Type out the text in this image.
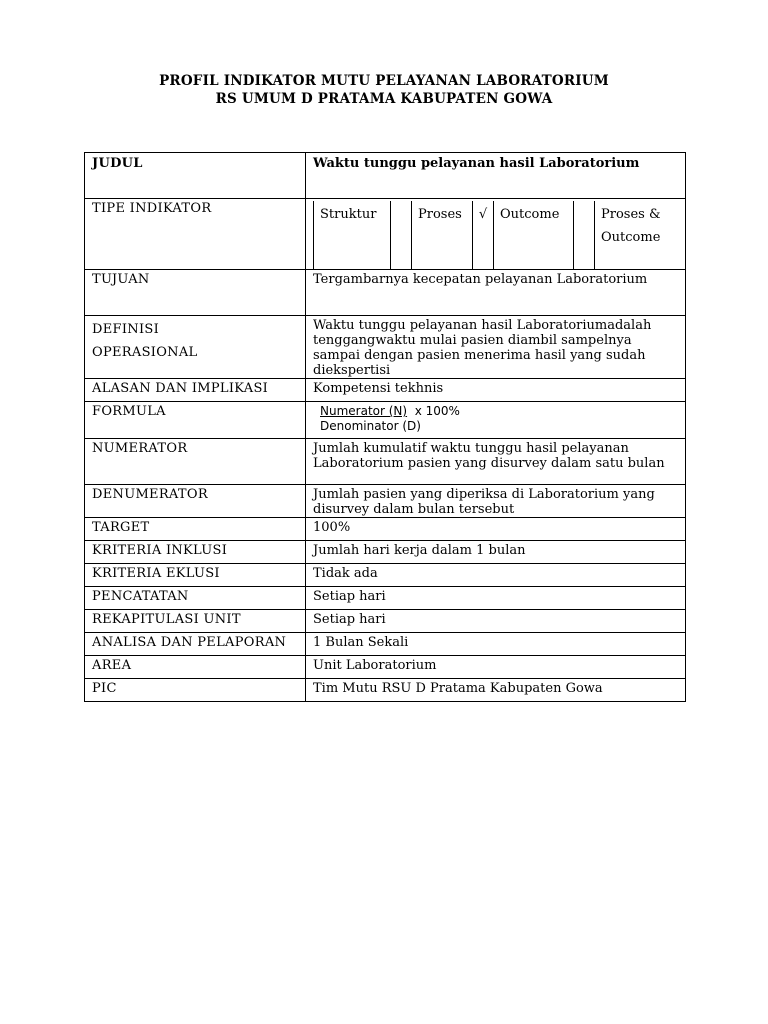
PROFIL INDIKATOR MUTU PELAYANAN LABORATORIUM
RS UMUM D PRATAMA KABUPATEN GOWA
JUDUL	Waktu tunggu pelayanan hasil Laboratorium

TIPE INDIKATOR		Struktur		Proses	√	Outcome		Proses &
Outcome

TUJUAN	Tergambarnya kecepatan pelayanan Laboratorium

DEFINISI
OPERASIONAL
	Waktu tunggu pelayanan hasil Laboratoriumadalah tenggangwaktu mulai pasien diambil sampelnya sampai dengan pasien menerima hasil yang sudah diekspertisi
ALASAN DAN IMPLIKASI	Kompetensi tekhnis
FORMULA	Numerator (N) x 100%
Denominator (D)

NUMERATOR	Jumlah kumulatif waktu tunggu hasil pelayanan Laboratorium pasien yang disurvey dalam satu bulan
DENUMERATOR	Jumlah pasien yang diperiksa di Laboratorium yang disurvey dalam bulan tersebut
TARGET	100%
KRITERIA INKLUSI	Jumlah hari kerja dalam 1 bulan
KRITERIA EKLUSI	Tidak ada
PENCATATAN	Setiap hari
REKAPITULASI UNIT	Setiap hari
ANALISA DAN PELAPORAN	1 Bulan Sekali
AREA	Unit Laboratorium
PIC	Tim Mutu RSU D Pratama Kabupaten Gowa
